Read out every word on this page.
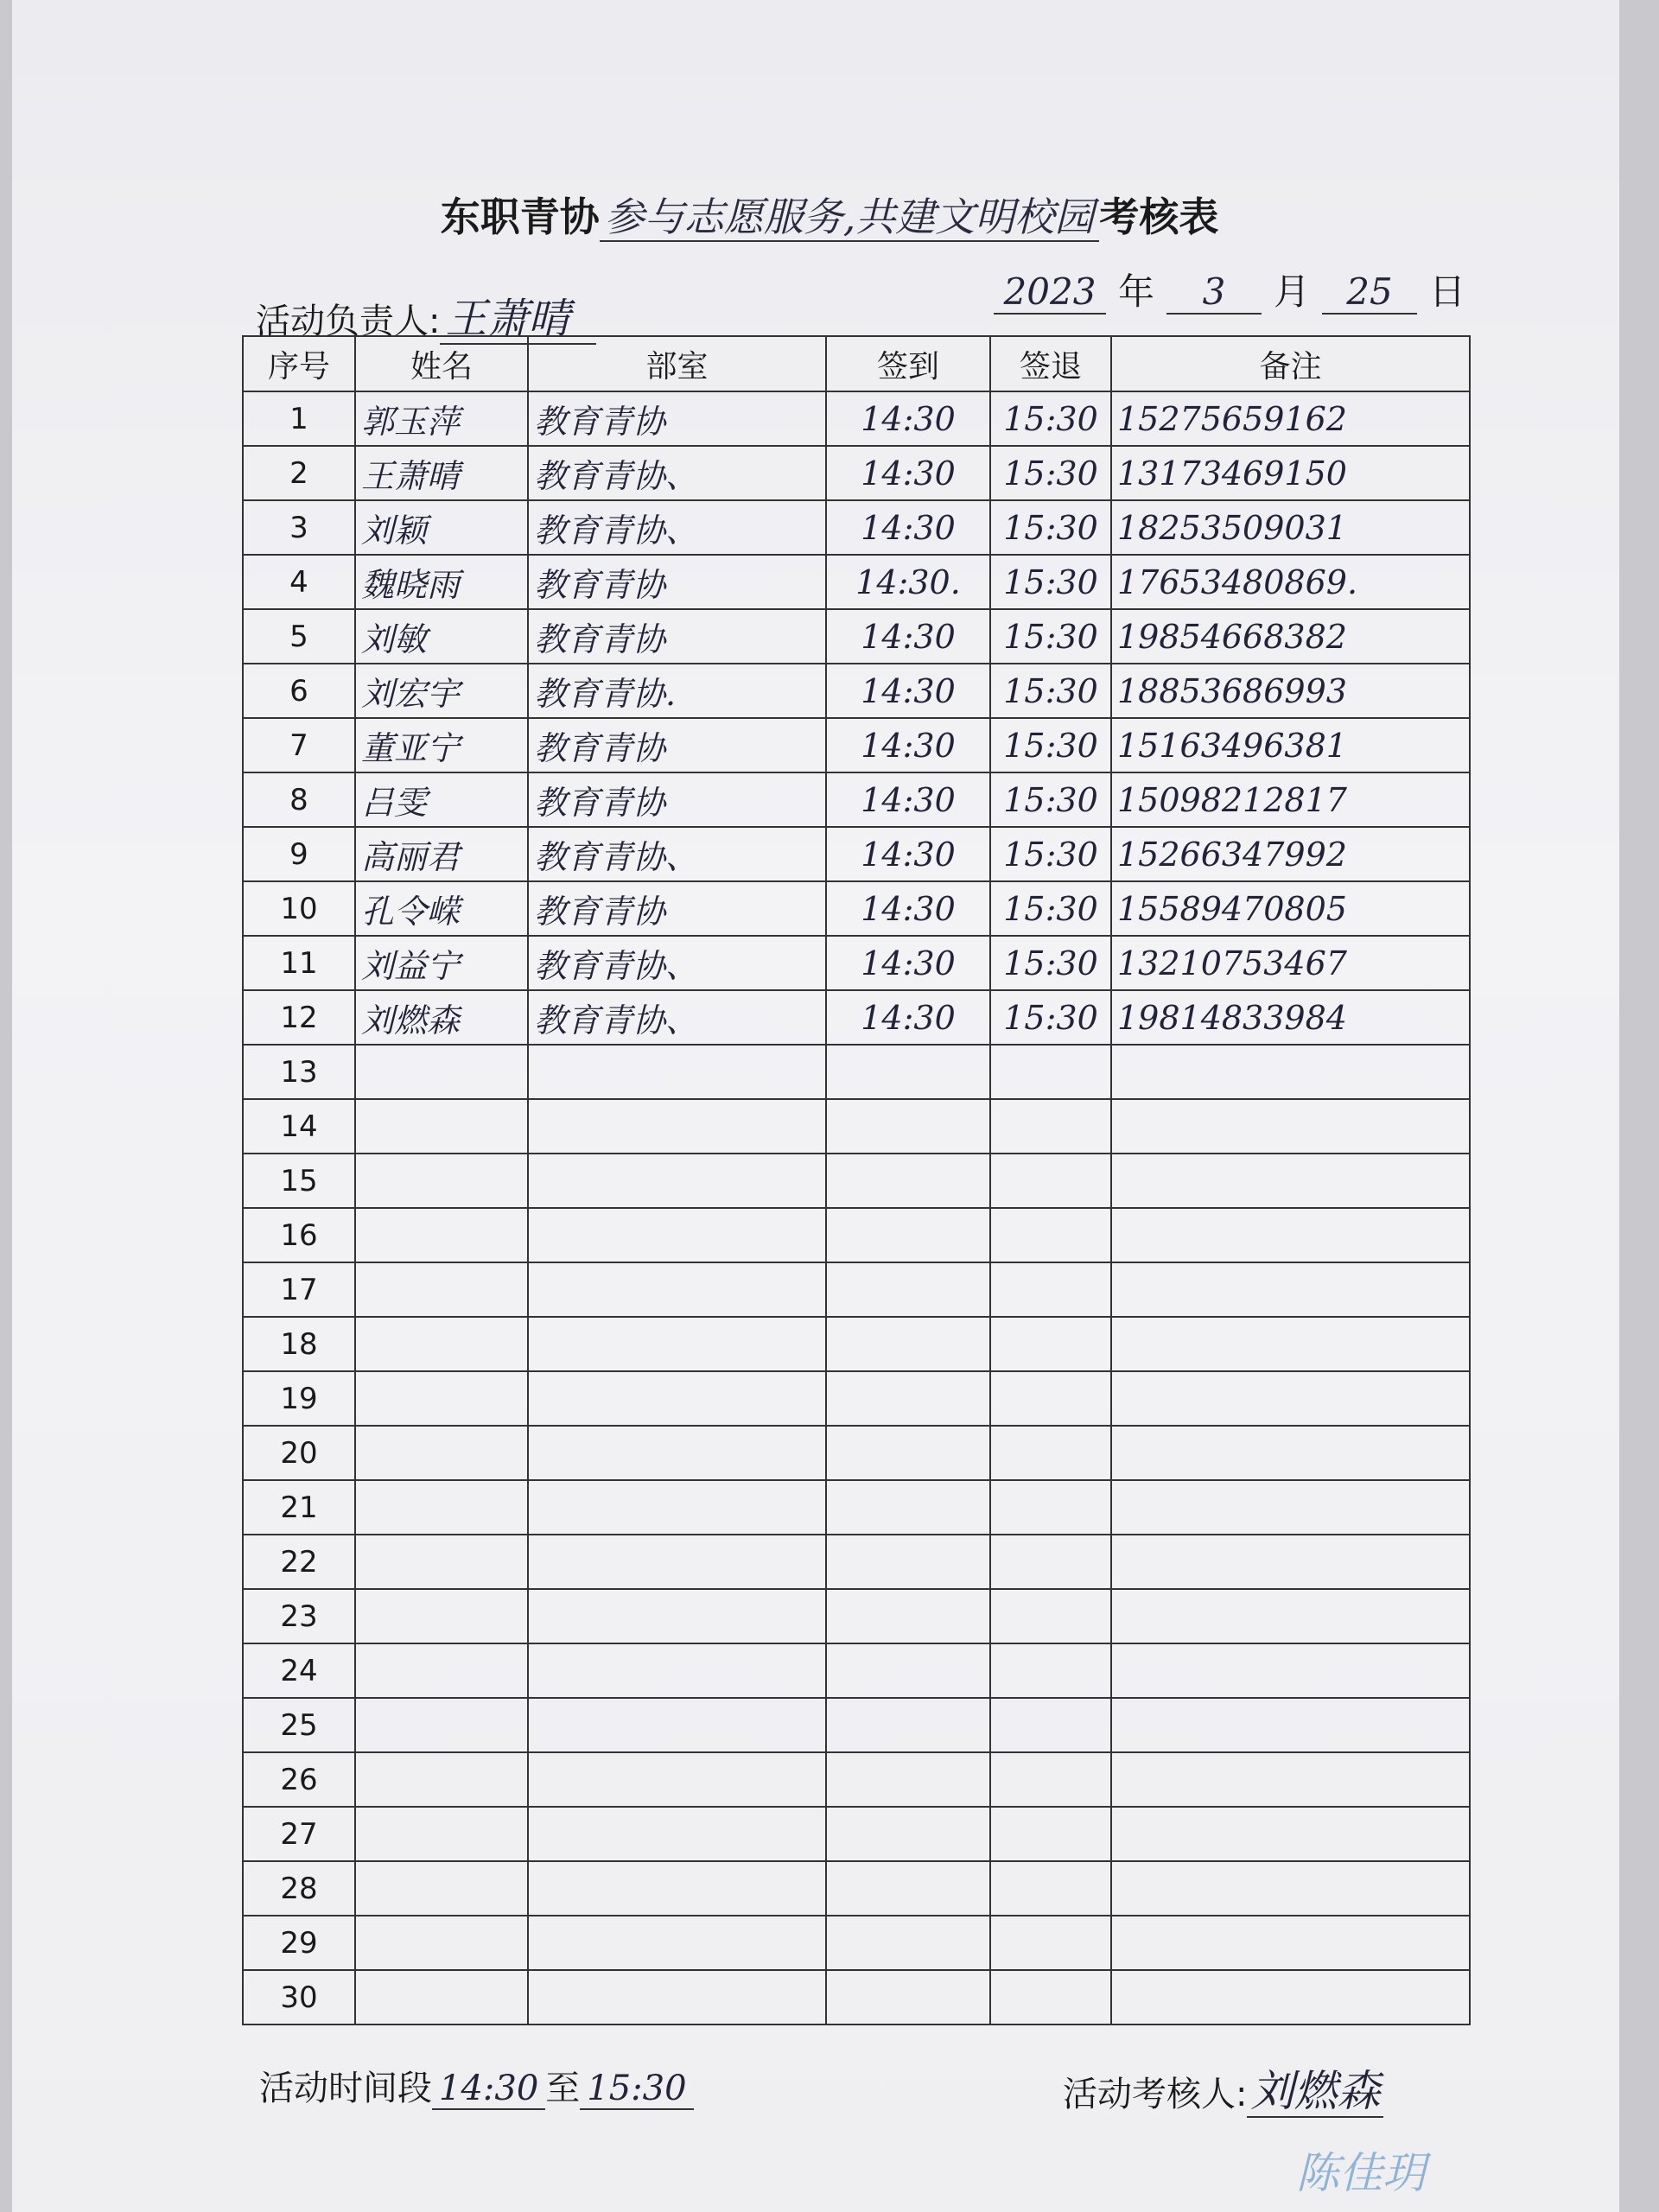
东职青协 参与志愿服务,共建文明校园 考核表
活动负责人: 王萧晴
2023 年 3 月 25 日
序号	姓名	部室	签到	签退	备注
1	郭玉萍	教育青协	14:30	15:30	15275659162
2	王萧晴	教育青协、	14:30	15:30	13173469150
3	刘颖	教育青协、	14:30	15:30	18253509031
4	魏晓雨	教育青协	14:30.	15:30	17653480869.
5	刘敏	教育青协	14:30	15:30	19854668382
6	刘宏宇	教育青协.	14:30	15:30	18853686993
7	董亚宁	教育青协	14:30	15:30	15163496381
8	吕雯	教育青协	14:30	15:30	15098212817
9	高丽君	教育青协、	14:30	15:30	15266347992
10	孔令嵘	教育青协	14:30	15:30	15589470805
11	刘益宁	教育青协、	14:30	15:30	13210753467
12	刘燃森	教育青协、	14:30	15:30	19814833984
13					
14					
15					
16					
17					
18					
19					
20					
21					
22					
23					
24					
25					
26					
27					
28					
29					
30					
活动时间段 14:30 至 15:30	活动考核人:刘燃森
陈佳玥
